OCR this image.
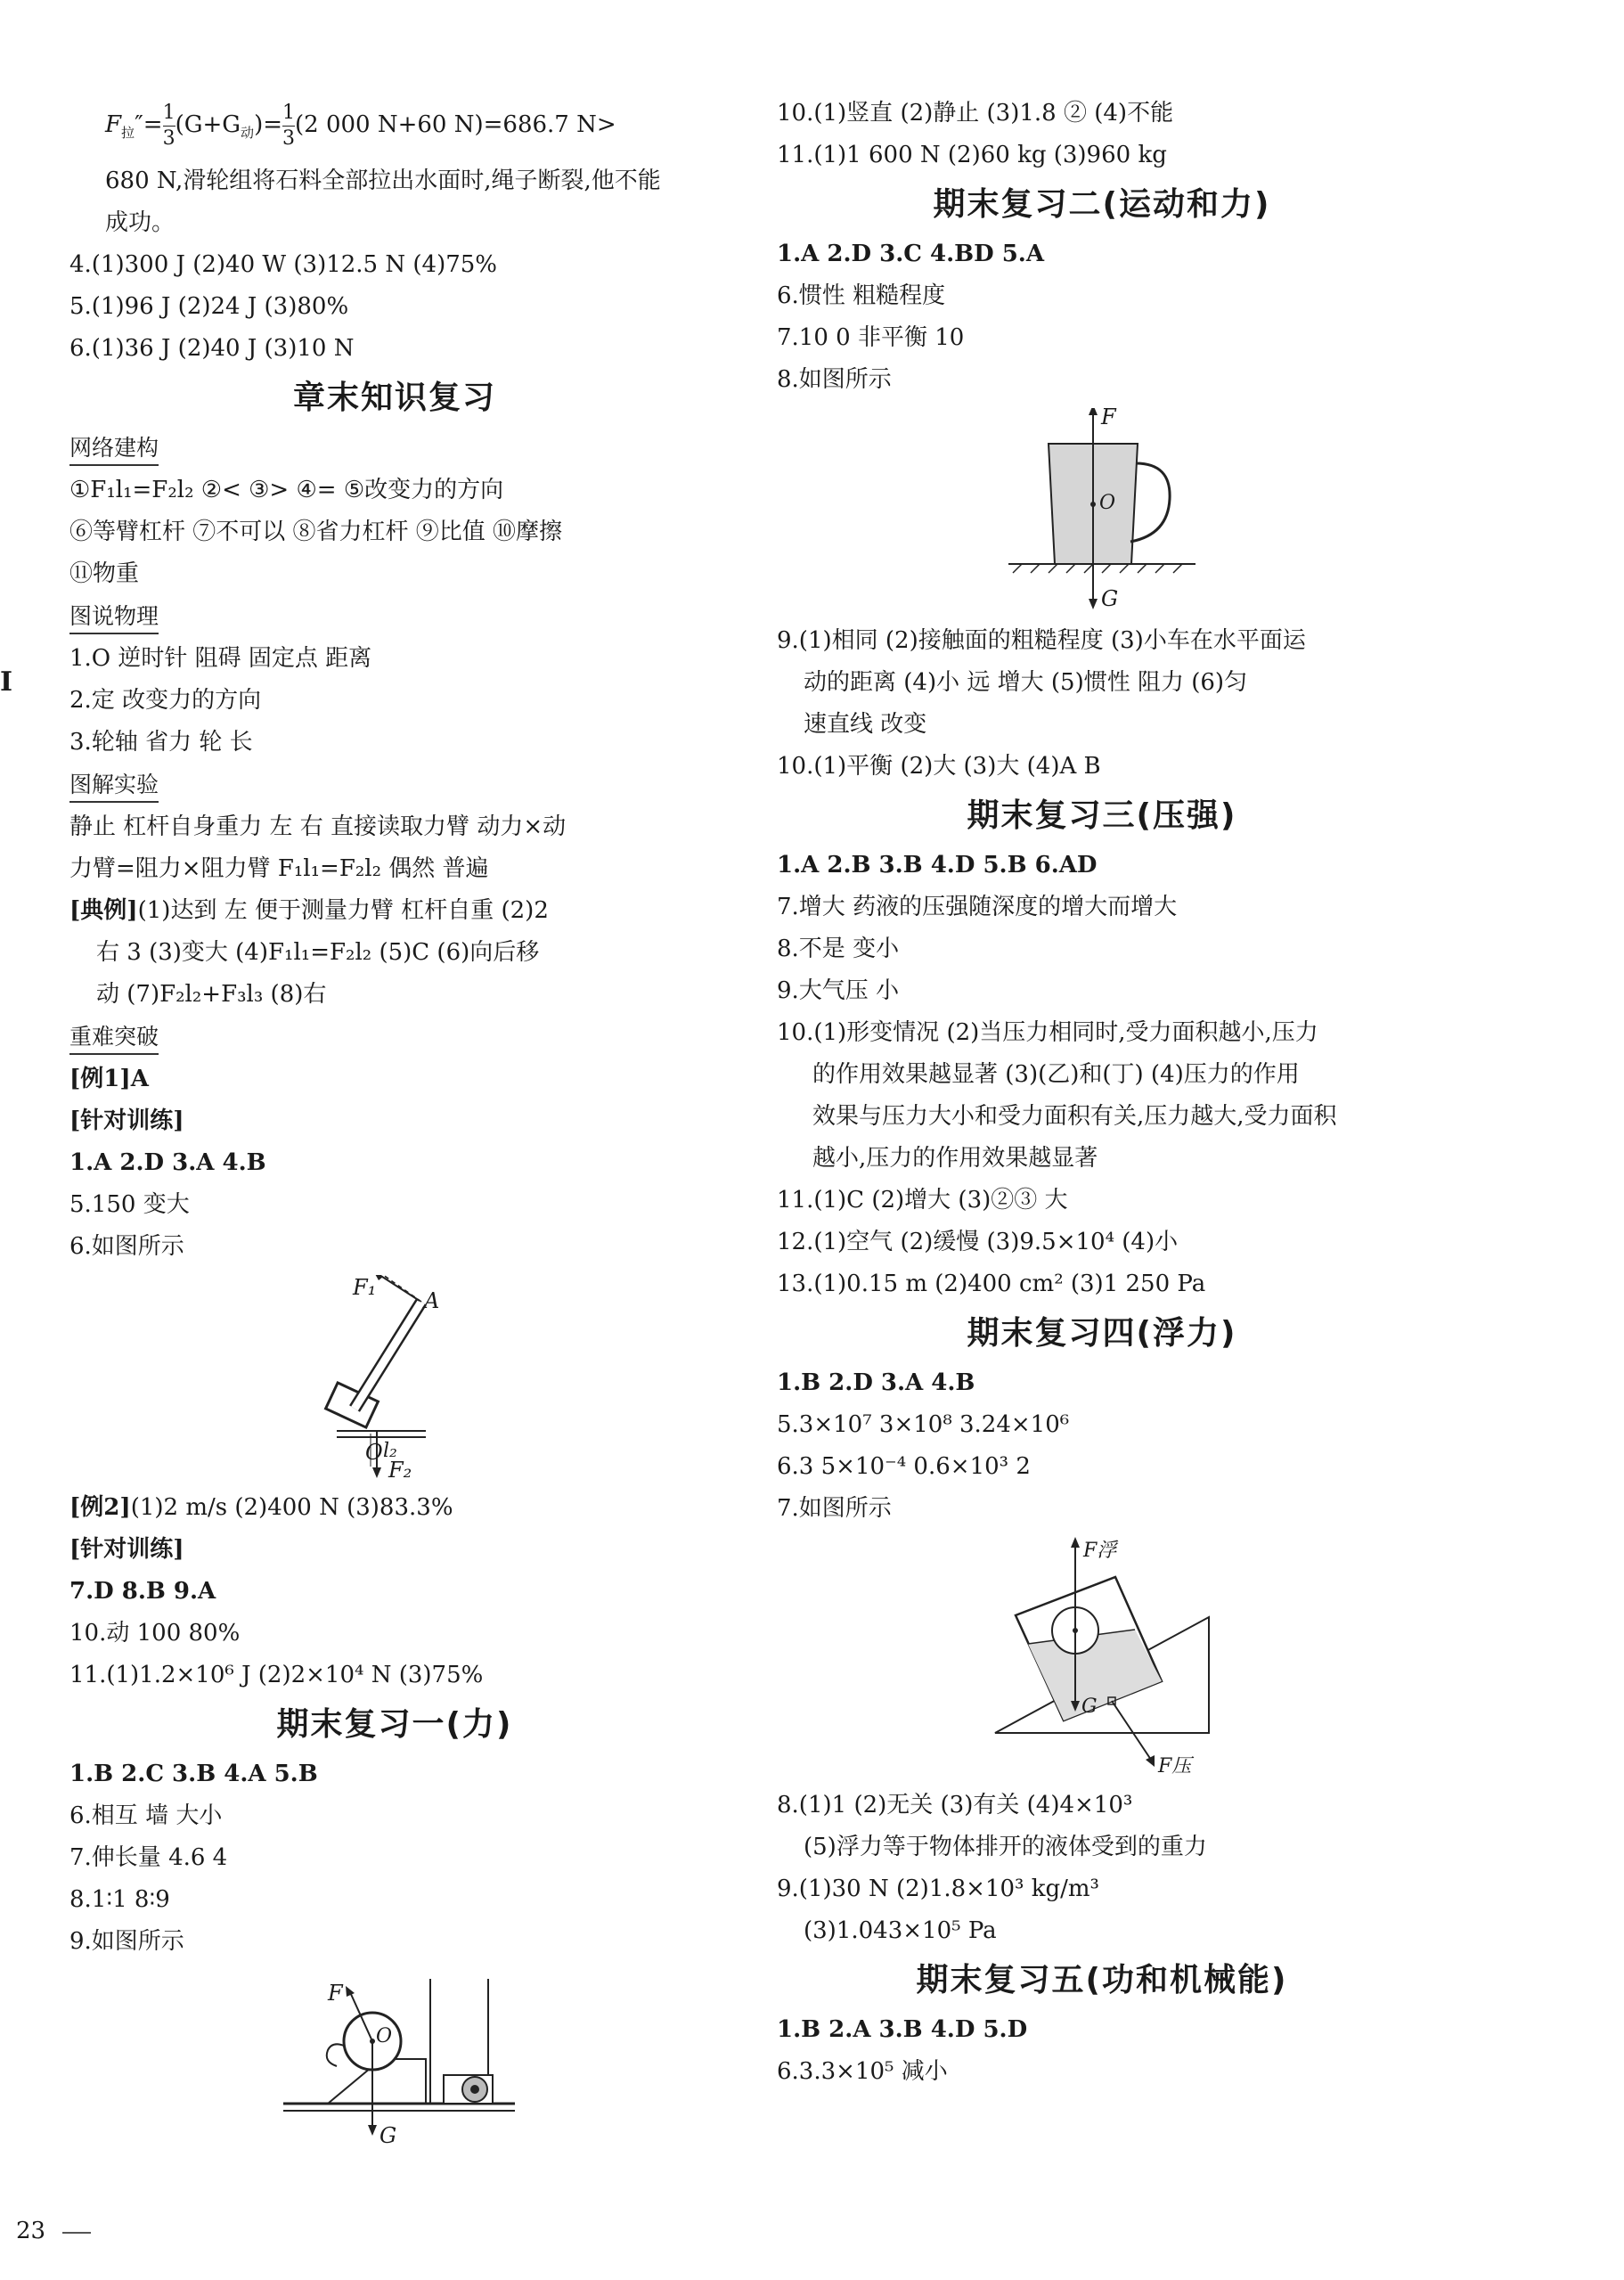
I
$F_拉''= \frac{1}{3} (G+G_动)= \frac{1}{3} (2$ 000 N+60 N)=686.7 N>
680 N,滑轮组将石料全部拉出水面时,绳子断裂,他不能
成功。
4.(1)300 J (2)40 W (3)12.5 N (4)75%
5.(1)96 J (2)24 J (3)80%
6.(1)36 J (2)40 J (3)10 N
章末知识复习
网络建构
①F₁l₁=F₂l₂ ②< ③> ④= ⑤改变力的方向
⑥等臂杠杆 ⑦不可以 ⑧省力杠杆 ⑨比值 ⑩摩擦
⑪物重
图说物理
1.O 逆时针 阻碍 固定点 距离
2.定 改变力的方向
3.轮轴 省力 轮 长
图解实验
静止 杠杆自身重力 左 右 直接读取力臂 动力×动
力臂=阻力×阻力臂 F₁l₁=F₂l₂ 偶然 普遍
[典例](1)达到 左 便于测量力臂 杠杆自重 (2)2
右 3 (3)变大 (4)F₁l₁=F₂l₂ (5)C (6)向后移
动 (7)F₂l₂+F₃l₃ (8)右
重难突破
[例1]A
[针对训练]
1.A 2.D 3.A 4.B
5.150 变大
6.如图所示
F₁
A
O l₂
F₂
[例2](1)2 m/s (2)400 N (3)83.3%
[针对训练]
7.D 8.B 9.A
10.动 100 80%
11.(1)1.2×10⁶ J (2)2×10⁴ N (3)75%
期末复习一(力)
1.B 2.C 3.B 4.A 5.B
6.相互 墙 大小
7.伸长量 4.6 4
8.1∶1 8∶9
9.如图所示
F
O
G
10.(1)竖直 (2)静止 (3)1.8 ② (4)不能
11.(1)1 600 N (2)60 kg (3)960 kg
期末复习二(运动和力)
1.A 2.D 3.C 4.BD 5.A
6.惯性 粗糙程度
7.10 0 非平衡 10
8.如图所示
F
O
G
9.(1)相同 (2)接触面的粗糙程度 (3)小车在水平面运
动的距离 (4)小 远 增大 (5)惯性 阻力 (6)匀
速直线 改变
10.(1)平衡 (2)大 (3)大 (4)A B
期末复习三(压强)
1.A 2.B 3.B 4.D 5.B 6.AD
7.增大 药液的压强随深度的增大而增大
8.不是 变小
9.大气压 小
10.(1)形变情况 (2)当压力相同时,受力面积越小,压力
的作用效果越显著 (3)(乙)和(丁) (4)压力的作用
效果与压力大小和受力面积有关,压力越大,受力面积
越小,压力的作用效果越显著
11.(1)C (2)增大 (3)②③ 大
12.(1)空气 (2)缓慢 (3)9.5×10⁴ (4)小
13.(1)0.15 m (2)400 cm² (3)1 250 Pa
期末复习四(浮力)
1.B 2.D 3.A 4.B
5.3×10⁷ 3×10⁸ 3.24×10⁶
6.3 5×10⁻⁴ 0.6×10³ 2
7.如图所示
F浮
G
F压
8.(1)1 (2)无关 (3)有关 (4)4×10³
(5)浮力等于物体排开的液体受到的重力
9.(1)30 N (2)1.8×10³ kg/m³
(3)1.043×10⁵ Pa
期末复习五(功和机械能)
1.B 2.A 3.B 4.D 5.D
6.3.3×10⁵ 减小
23
